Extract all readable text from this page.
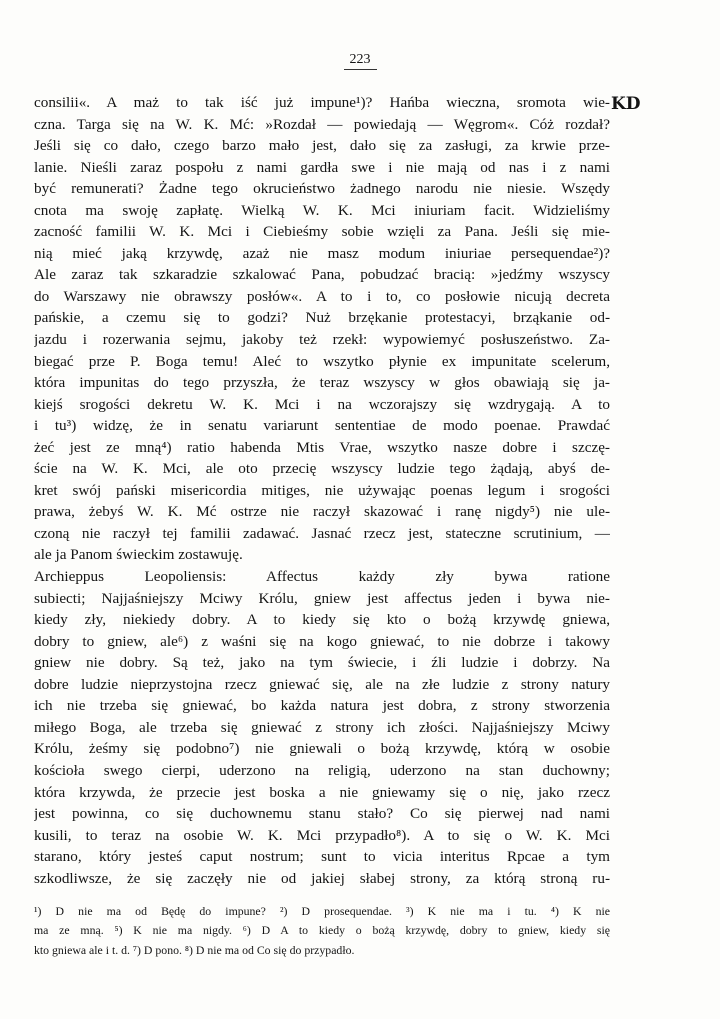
223
KD
consilii«. A maż to tak iść już impune¹)? Hańba wieczna, sromota wie-
czna. Targa się na W. K. Mć: »Rozdał — powiedają — Węgrom«. Cóż rozdał?
Jeśli się co dało, czego barzo mało jest, dało się za zasługi, za krwie prze-
lanie. Nieśli zaraz pospołu z nami gardła swe i nie mają od nas i z nami
być remunerati? Żadne tego okrucieństwo żadnego narodu nie niesie. Wszędy
cnota ma swoję zapłatę. Wielką W. K. Mci iniuriam facit. Widzieliśmy
zacność familii W. K. Mci i Ciebieśmy sobie wzięli za Pana. Jeśli się mie-
nią mieć jaką krzywdę, azaż nie masz modum iniuriae persequendae²)?
Ale zaraz tak szkaradzie szkalować Pana, pobudzać bracią: »jedźmy wszyscy
do Warszawy nie obrawszy posłów«. A to i to, co posłowie nicują decreta
pańskie, a czemu się to godzi? Nuż brzękanie protestacyi, brząkanie od-
jazdu i rozerwania sejmu, jakoby też rzekł: wypowiemyć posłuszeństwo. Za-
biegać prze P. Boga temu! Aleć to wszytko płynie ex impunitate scelerum,
która impunitas do tego przyszła, że teraz wszyscy w głos obawiają się ja-
kiejś srogości dekretu W. K. Mci i na wczorajszy się wzdrygają. A to
i tu³) widzę, że in senatu variarunt sententiae de modo poenae. Prawdać
żeć jest ze mną⁴) ratio habenda Mtis Vrae, wszytko nasze dobre i szczę-
ście na W. K. Mci, ale oto przecię wszyscy ludzie tego żądają, abyś de-
kret swój pański misericordia mitiges, nie używając poenas legum i srogości
prawa, żebyś W. K. Mć ostrze nie raczył skazować i ranę nigdy⁵) nie ule-
czoną nie raczył tej familii zadawać. Jasnać rzecz jest, stateczne scrutinium, —
ale ja Panom świeckim zostawuję.
Archieppus Leopoliensis: Affectus każdy zły bywa ratione
subiecti; Najjaśniejszy Mciwy Królu, gniew jest affectus jeden i bywa nie-
kiedy zły, niekiedy dobry. A to kiedy się kto o bożą krzywdę gniewa,
dobry to gniew, ale⁶) z waśni się na kogo gniewać, to nie dobrze i takowy
gniew nie dobry. Są też, jako na tym świecie, i źli ludzie i dobrzy. Na
dobre ludzie nieprzystojna rzecz gniewać się, ale na złe ludzie z strony natury
ich nie trzeba się gniewać, bo każda natura jest dobra, z strony stworzenia
miłego Boga, ale trzeba się gniewać z strony ich złości. Najjaśniejszy Mciwy
Królu, żeśmy się podobno⁷) nie gniewali o bożą krzywdę, którą w osobie
kościoła swego cierpi, uderzono na religią, uderzono na stan duchowny;
która krzywda, że przecie jest boska a nie gniewamy się o nię, jako rzecz
jest powinna, co się duchownemu stanu stało? Co się pierwej nad nami
kusili, to teraz na osobie W. K. Mci przypadło⁸). A to się o W. K. Mci
starano, który jesteś caput nostrum; sunt to vicia interitus Rpcae a tym
szkodliwsze, że się zaczęły nie od jakiej słabej strony, za którą stroną ru-
¹) D nie ma od Będę do impune? ²) D prosequendae. ³) K nie ma i tu. ⁴) K nie
ma ze mną. ⁵) K nie ma nigdy. ⁶) D A to kiedy o bożą krzywdę, dobry to gniew, kiedy się
kto gniewa ale i t. d. ⁷) D pono. ⁸) D nie ma od Co się do przypadło.
